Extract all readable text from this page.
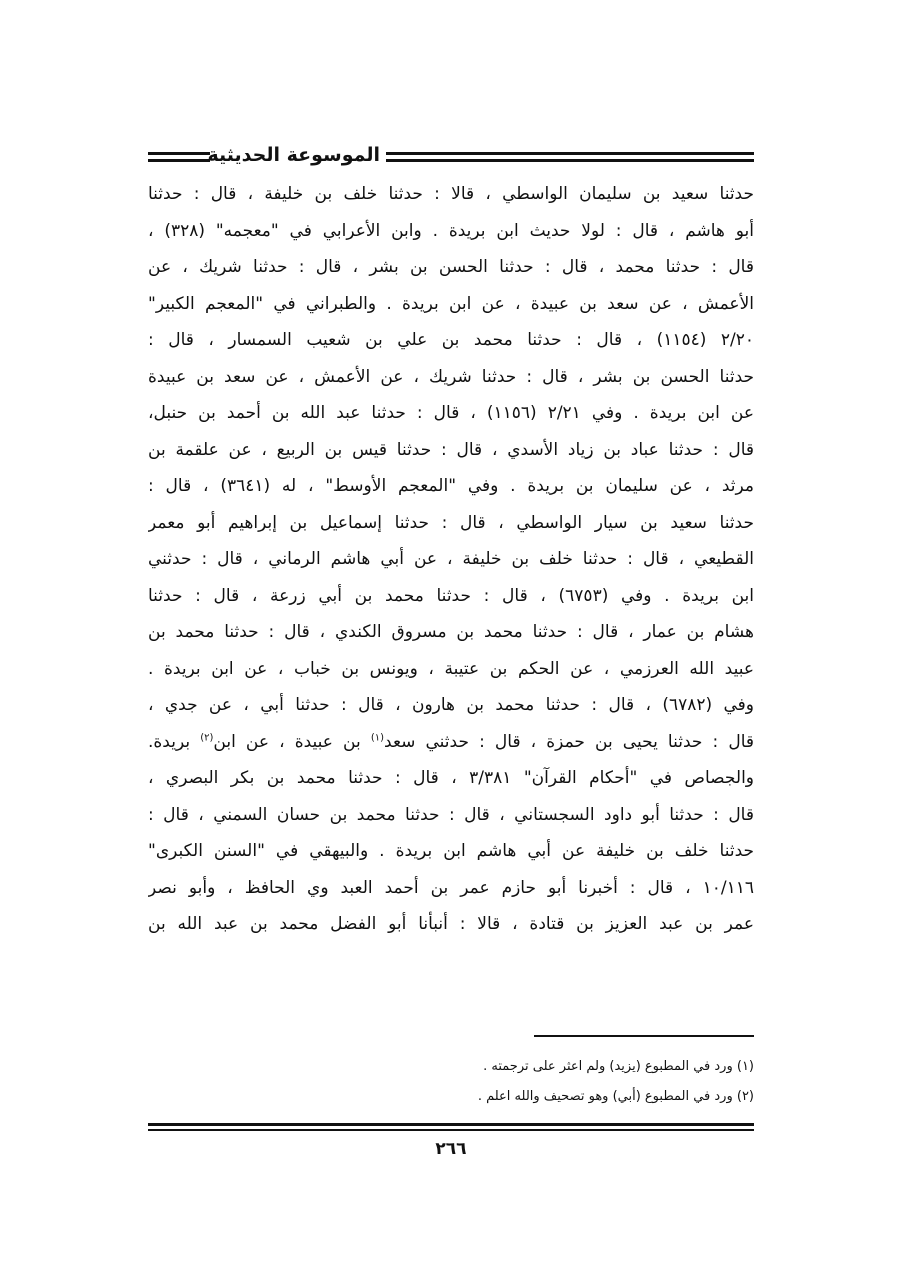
الموسوعة الحديثية
حدثنا سعيد بن سليمان الواسطي ، قالا : حدثنا خلف بن خليفة ، قال : حدثنا
أبو هاشم ، قال : لولا حديث ابن بريدة . وابن الأعرابي في "معجمه" (٣٢٨) ،
قال : حدثنا محمد ، قال : حدثنا الحسن بن بشر ، قال : حدثنا شريك ، عن
الأعمش ، عن سعد بن عبيدة ، عن ابن بريدة . والطبراني في "المعجم الكبير"
٢/٢٠ (١١٥٤) ، قال : حدثنا محمد بن علي بن شعيب السمسار ، قال :
حدثنا الحسن بن بشر ، قال : حدثنا شريك ، عن الأعمش ، عن سعد بن عبيدة
عن ابن بريدة . وفي ٢/٢١ (١١٥٦) ، قال : حدثنا عبد الله بن أحمد بن حنبل،
قال : حدثنا عباد بن زياد الأسدي ، قال : حدثنا قيس بن الربيع ، عن علقمة بن
مرثد ، عن سليمان بن بريدة . وفي "المعجم الأوسط" ، له (٣٦٤١) ، قال :
حدثنا سعيد بن سيار الواسطي ، قال : حدثنا إسماعيل بن إبراهيم أبو معمر
القطيعي ، قال : حدثنا خلف بن خليفة ، عن أبي هاشم الرماني ، قال : حدثني
ابن بريدة . وفي (٦٧٥٣) ، قال : حدثنا محمد بن أبي زرعة ، قال : حدثنا
هشام بن عمار ، قال : حدثنا محمد بن مسروق الكندي ، قال : حدثنا محمد بن
عبيد الله العرزمي ، عن الحكم بن عتيبة ، ويونس بن خباب ، عن ابن بريدة .
وفي (٦٧٨٢) ، قال : حدثنا محمد بن هارون ، قال : حدثنا أبي ، عن جدي ،
قال : حدثنا يحيى بن حمزة ، قال : حدثني سعد$^{(١)}$ بن عبيدة ، عن ابن$^{(٢)}$ بريدة.
والجصاص في "أحكام القرآن" ٣/٣٨١ ، قال : حدثنا محمد بن بكر البصري ،
قال : حدثنا أبو داود السجستاني ، قال : حدثنا محمد بن حسان السمني ، قال :
حدثنا خلف بن خليفة عن أبي هاشم ابن بريدة . والبيهقي في "السنن الكبرى"
١٠/١١٦ ، قال : أخبرنا أبو حازم عمر بن أحمد العبد وي الحافظ ، وأبو نصر
عمر بن عبد العزيز بن قتادة ، قالا : أنبأنا أبو الفضل محمد بن عبد الله بن
(١) ورد في المطبوع (يزيد) ولم اعثر على ترجمته .
(٢) ورد في المطبوع (أبي) وهو تصحيف والله اعلم .
٢٦٦
